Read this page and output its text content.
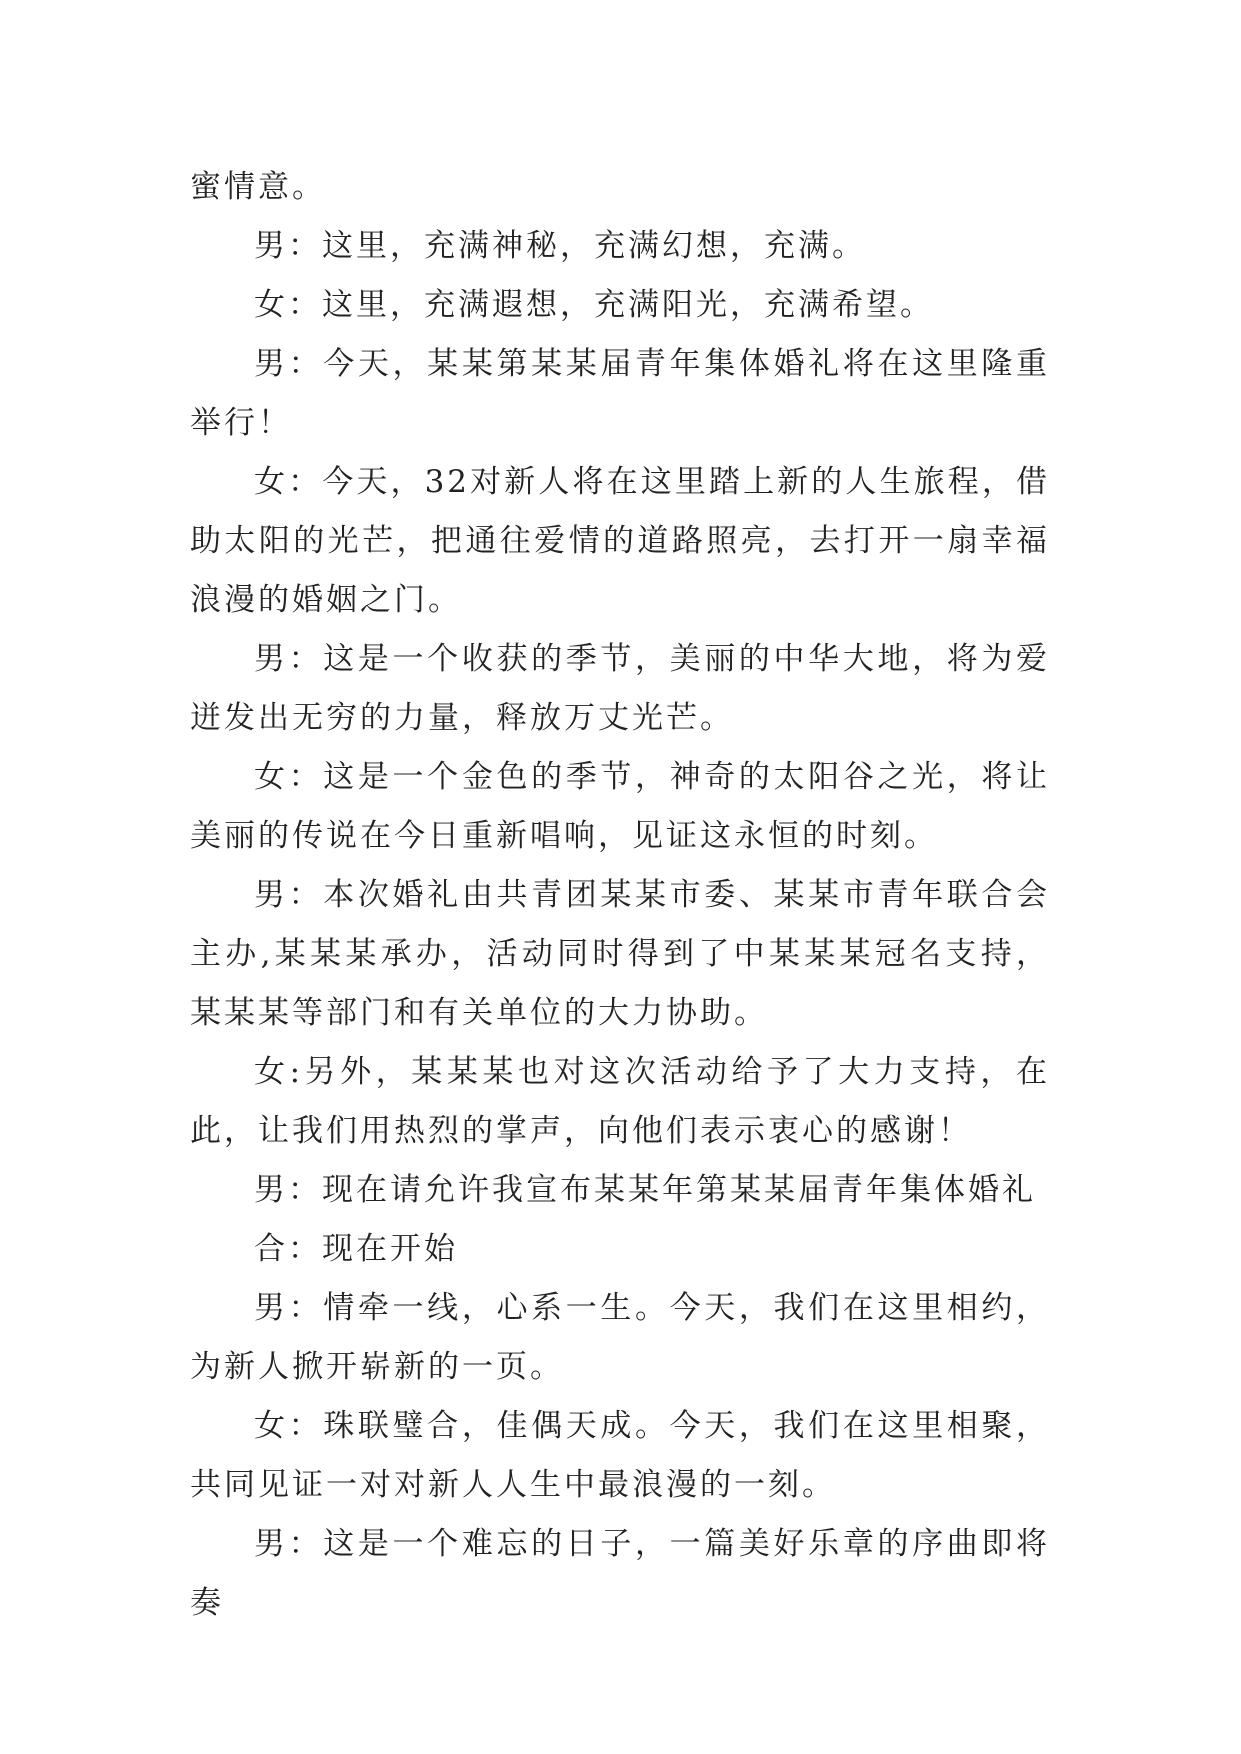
蜜情意。

男：这里，充满神秘，充满幻想，充满。

女：这里，充满遐想，充满阳光，充满希望。

男：今天，某某第某某届青年集体婚礼将在这里隆重举行！

女：今天，32对新人将在这里踏上新的人生旅程，借助太阳的光芒，把通往爱情的道路照亮，去打开一扇幸福浪漫的婚姻之门。

男：这是一个收获的季节，美丽的中华大地，将为爱迸发出无穷的力量，释放万丈光芒。

女：这是一个金色的季节，神奇的太阳谷之光，将让美丽的传说在今日重新唱响，见证这永恒的时刻。

男：本次婚礼由共青团某某市委、某某市青年联合会主办,某某某承办，活动同时得到了中某某某冠名支持，某某某等部门和有关单位的大力协助。

女:另外，某某某也对这次活动给予了大力支持，在此，让我们用热烈的掌声，向他们表示衷心的感谢！

男：现在请允许我宣布某某年第某某届青年集体婚礼

合：现在开始

男：情牵一线，心系一生。今天，我们在这里相约，为新人掀开崭新的一页。

女：珠联璧合，佳偶天成。今天，我们在这里相聚，共同见证一对对新人人生中最浪漫的一刻。

男：这是一个难忘的日子，一篇美好乐章的序曲即将奏
